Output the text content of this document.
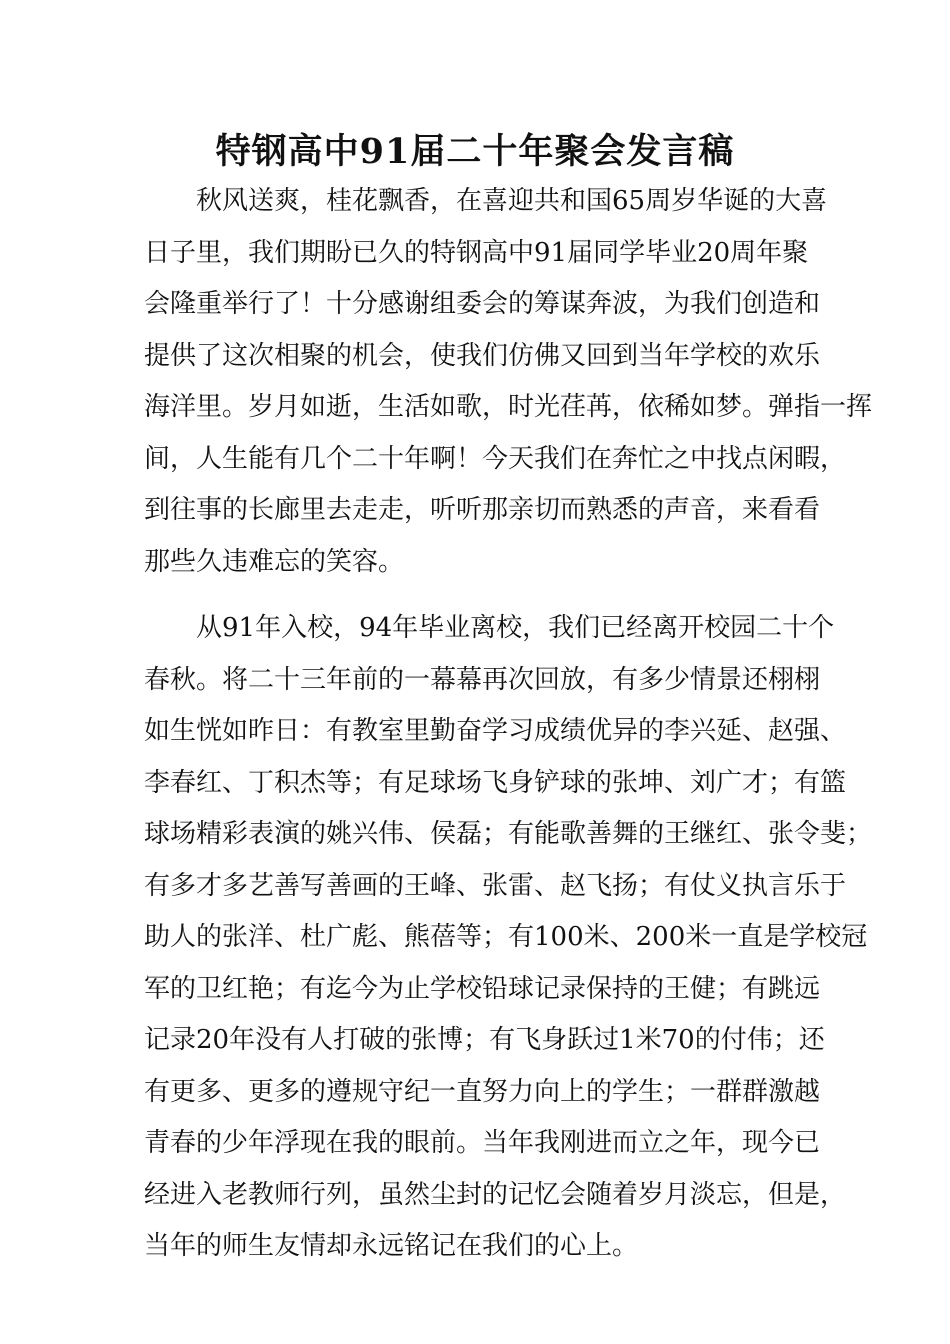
特钢高中91届二十年聚会发言稿

秋风送爽，桂花飘香，在喜迎共和国65周岁华诞的大喜
日子里，我们期盼已久的特钢高中91届同学毕业20周年聚
会隆重举行了！十分感谢组委会的筹谋奔波，为我们创造和
提供了这次相聚的机会，使我们仿佛又回到当年学校的欢乐
海洋里。岁月如逝，生活如歌，时光荏苒，依稀如梦。弹指一挥
间，人生能有几个二十年啊！今天我们在奔忙之中找点闲暇，
到往事的长廊里去走走，听听那亲切而熟悉的声音，来看看
那些久违难忘的笑容。

从91年入校，94年毕业离校，我们已经离开校园二十个
春秋。将二十三年前的一幕幕再次回放，有多少情景还栩栩
如生恍如昨日：有教室里勤奋学习成绩优异的李兴延、赵强、
李春红、丁积杰等；有足球场飞身铲球的张坤、刘广才；有篮
球场精彩表演的姚兴伟、侯磊；有能歌善舞的王继红、张令斐；
有多才多艺善写善画的王峰、张雷、赵飞扬；有仗义执言乐于
助人的张洋、杜广彪、熊蓓等；有100米、200米一直是学校冠
军的卫红艳；有迄今为止学校铅球记录保持的王健；有跳远
记录20年没有人打破的张博；有飞身跃过1米70的付伟；还
有更多、更多的遵规守纪一直努力向上的学生；一群群激越
青春的少年浮现在我的眼前。当年我刚进而立之年，现今已
经进入老教师行列，虽然尘封的记忆会随着岁月淡忘，但是，
当年的师生友情却永远铭记在我们的心上。
